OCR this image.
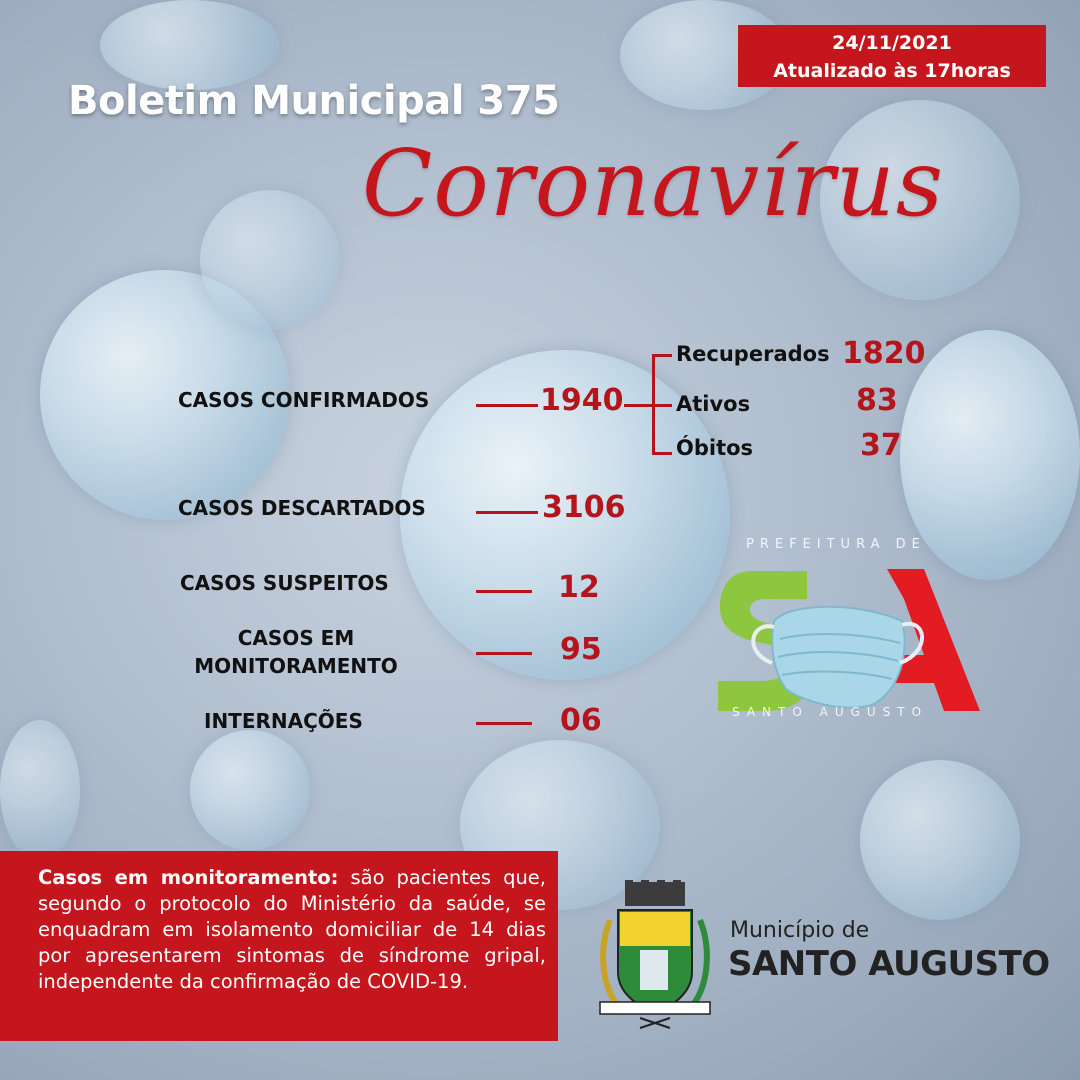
24/11/2021
Atualizado às 17horas
Boletim Municipal 375
Coronavírus
CASOS CONFIRMADOS	1940
Recuperados 1820
Ativos	83
Óbitos	37
CASOS DESCARTADOS	3106
CASOS SUSPEITOS	12
CASOS EM
MONITORAMENTO	95
INTERNAÇÕES	06
PREFEITURA DE
SANTO AUGUSTO
Casos em monitoramento: são pacientes que, segundo o protocolo do Ministério da saúde, se enquadram em isolamento domiciliar de 14 dias por apresentarem sintomas de síndrome gripal, independente da confirmação de COVID-19.
Município de
SANTO AUGUSTO
